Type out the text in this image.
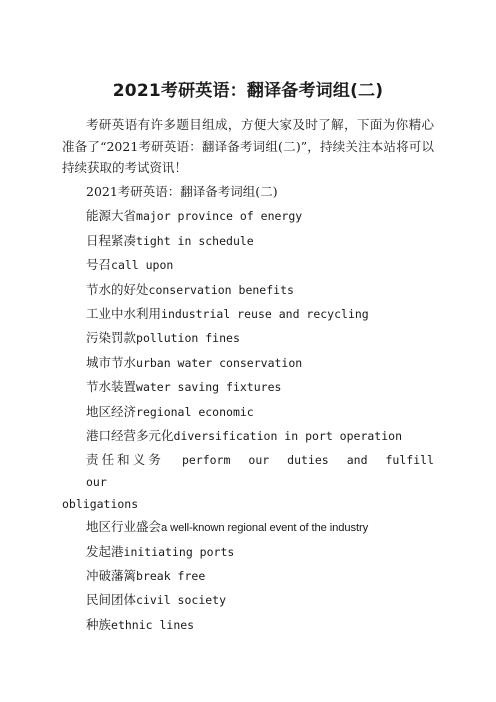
2021考研英语：翻译备考词组(二)
考研英语有许多题目组成，方便大家及时了解，下面为你精心准备了“2021考研英语：翻译备考词组(二)”，持续关注本站将可以持续获取的考试资讯！
2021考研英语：翻译备考词组(二)
能源大省major province of energy
日程紧凑tight in schedule
号召call upon
节水的好处conservation benefits
工业中水利用industrial reuse and recycling
污染罚款pollution fines
城市节水urban water conservation
节水装置water saving fixtures
地区经济regional economic
港口经营多元化diversification in port operation
责任和义务 perform our duties and fulfill our
obligations
地区行业盛会a well-known regional event of the industry
发起港initiating ports
冲破藩篱break free
民间团体civil society
种族ethnic lines
